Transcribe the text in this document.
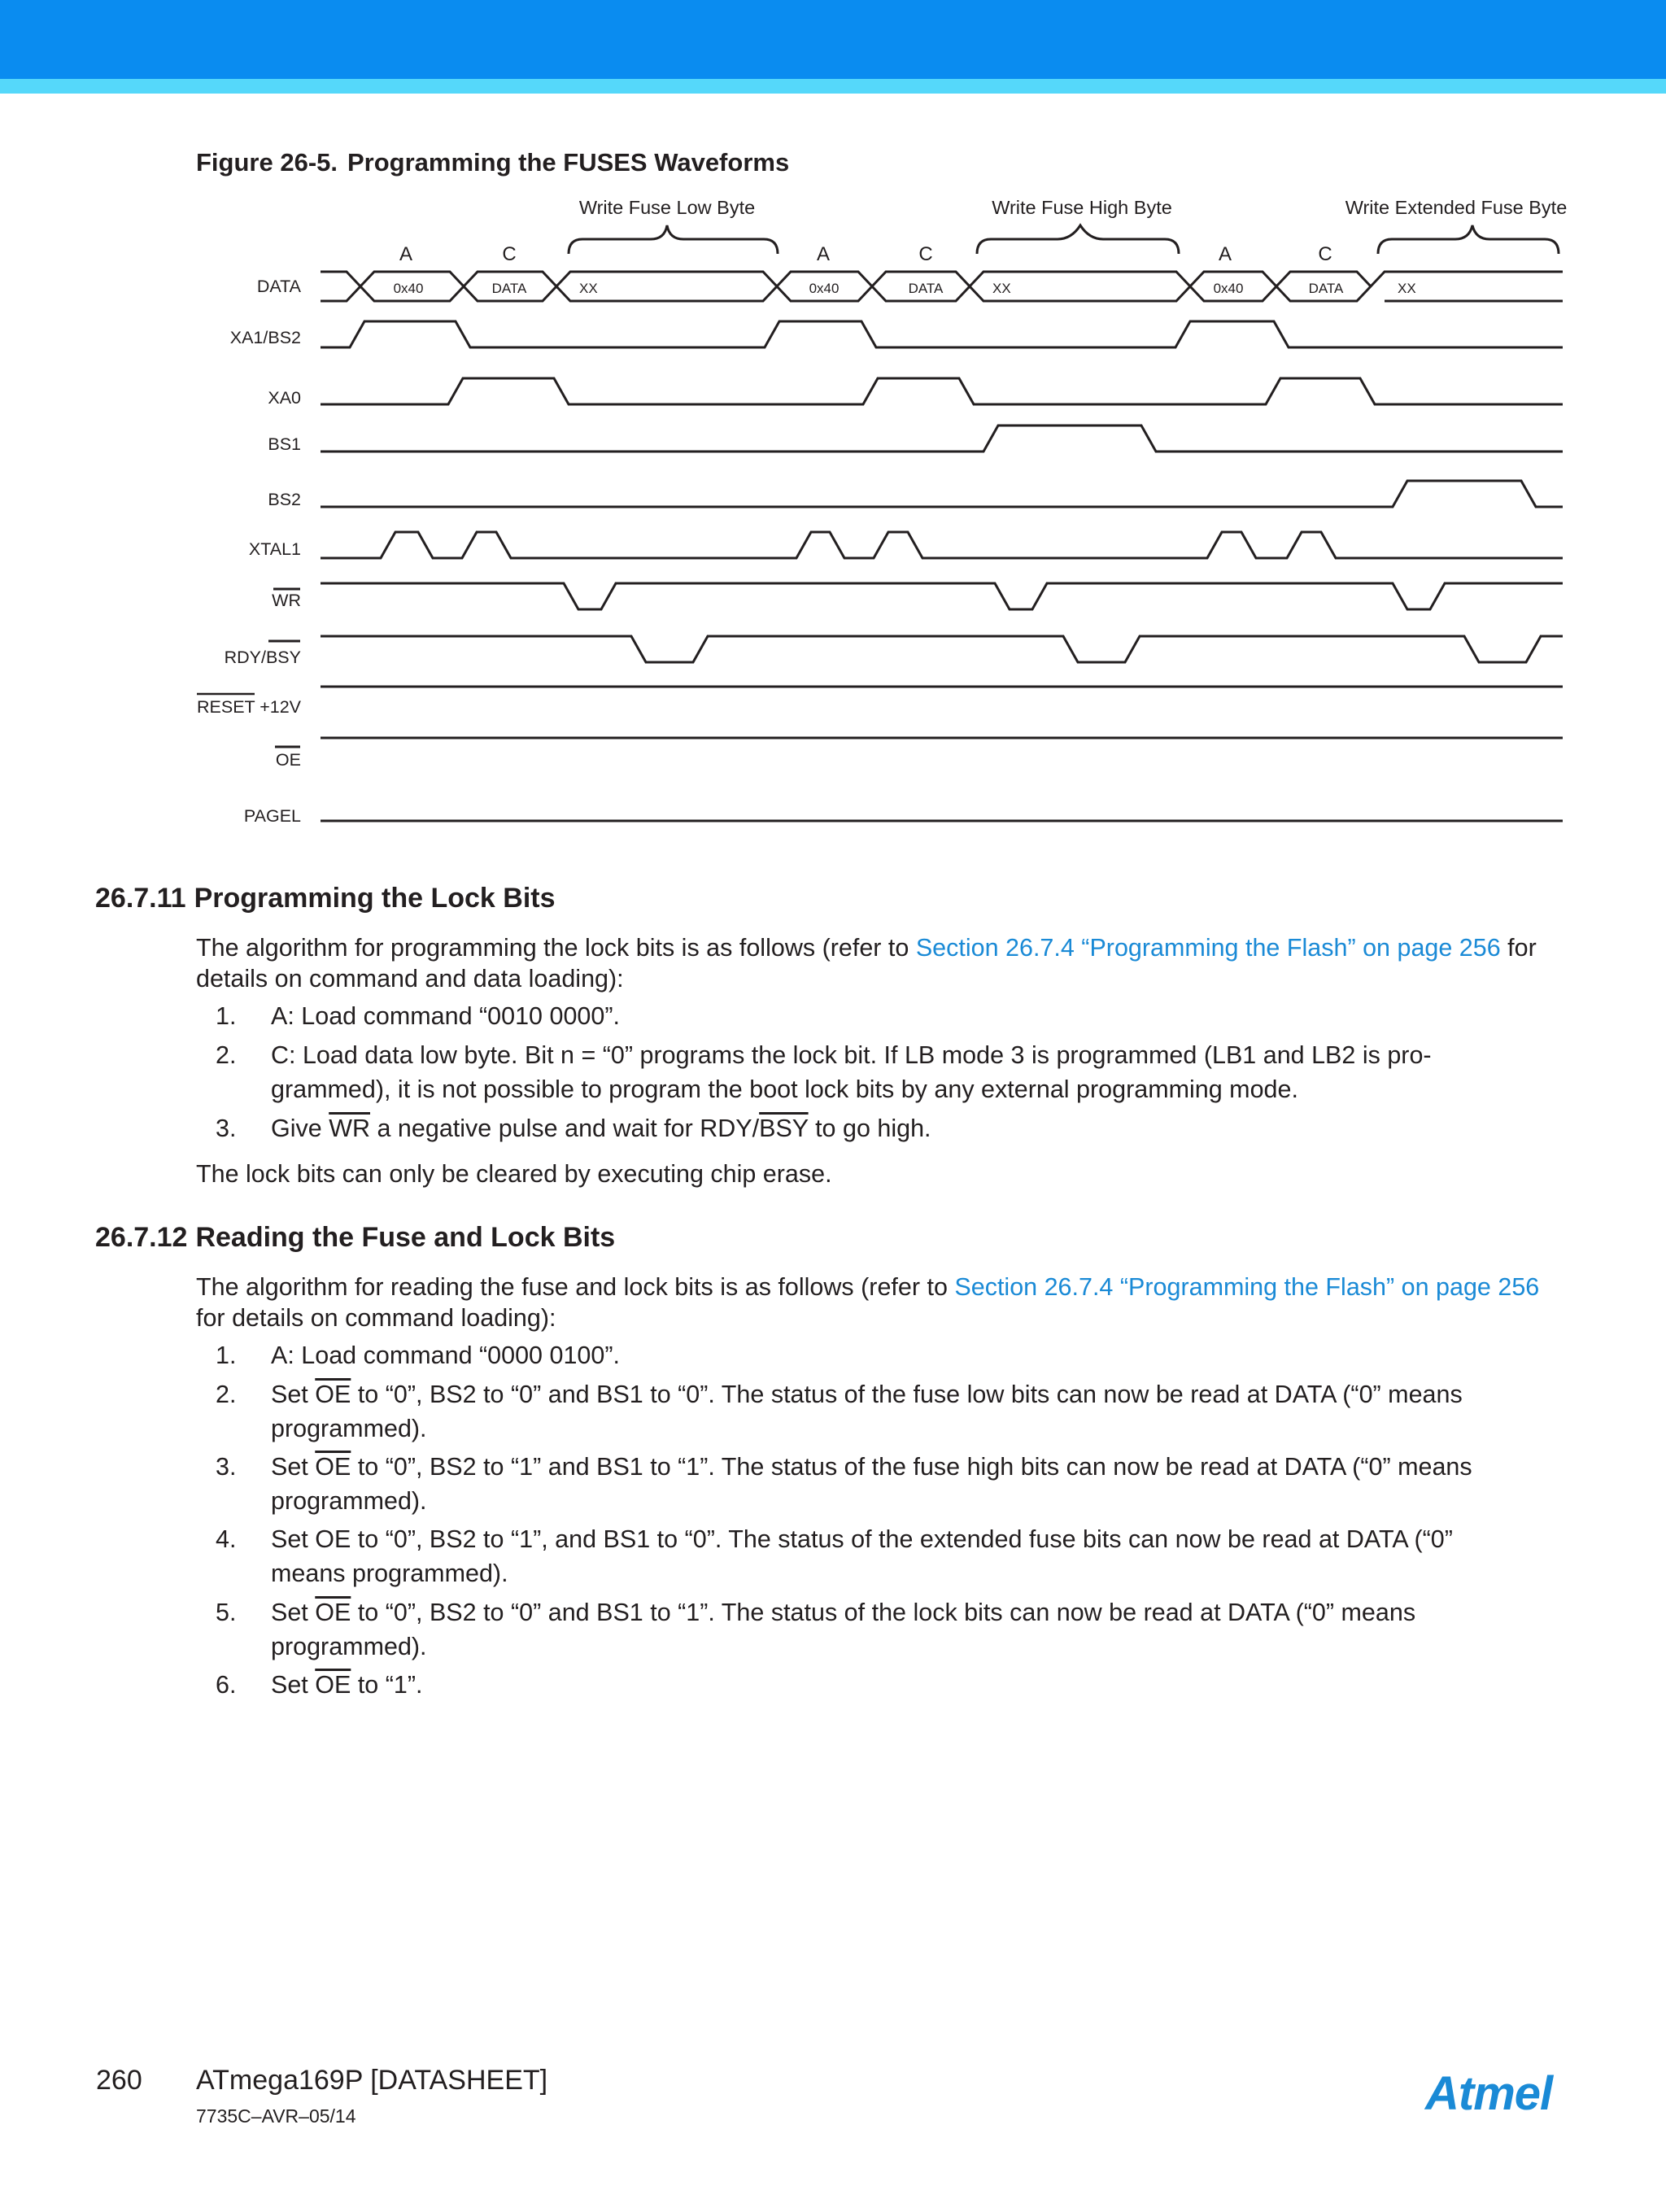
Figure 26-5. Programming the FUSES Waveforms
Write Fuse Low Byte	Write Fuse High Byte	Write Extended Fuse Byte
A	C	A	C	A	C
0x40	DATA	XX	0x40	DATA	XX	0x40	DATA	XX
DATA
XA1/BS2
XA0
BS1
BS2
XTAL1
WR
RDY/BSY
RESET +12V
OE
PAGEL
26.7.11 Programming the Lock Bits

The algorithm for programming the lock bits is as follows (refer to Section 26.7.4 “Programming the Flash” on page 256 for
details on command and data loading):

1. A: Load command “0010 0000”.
2. C: Load data low byte. Bit n = “0” programs the lock bit. If LB mode 3 is programmed (LB1 and LB2 is pro-
grammed), it is not possible to program the boot lock bits by any external programming mode.
3. Give $\overline{WR}$ a negative pulse and wait for RDY/$\overline{BSY}$ to go high.

The lock bits can only be cleared by executing chip erase.

26.7.12 Reading the Fuse and Lock Bits

The algorithm for reading the fuse and lock bits is as follows (refer to Section 26.7.4 “Programming the Flash” on page 256
for details on command loading):

1. A: Load command “0000 0100”.
2. Set $\overline{OE}$ to “0”, BS2 to “0” and BS1 to “0”. The status of the fuse low bits can now be read at DATA (“0” means
programmed).
3. Set $\overline{OE}$ to “0”, BS2 to “1” and BS1 to “1”. The status of the fuse high bits can now be read at DATA (“0” means
programmed).
4. Set OE to “0”, BS2 to “1”, and BS1 to “0”. The status of the extended fuse bits can now be read at DATA (“0”
means programmed).
5. Set $\overline{OE}$ to “0”, BS2 to “0” and BS1 to “1”. The status of the lock bits can now be read at DATA (“0” means
programmed).
6. Set $\overline{OE}$ to “1”.
260 ATmega169P [DATASHEET]
7735C–AVR–05/14	Atmel
